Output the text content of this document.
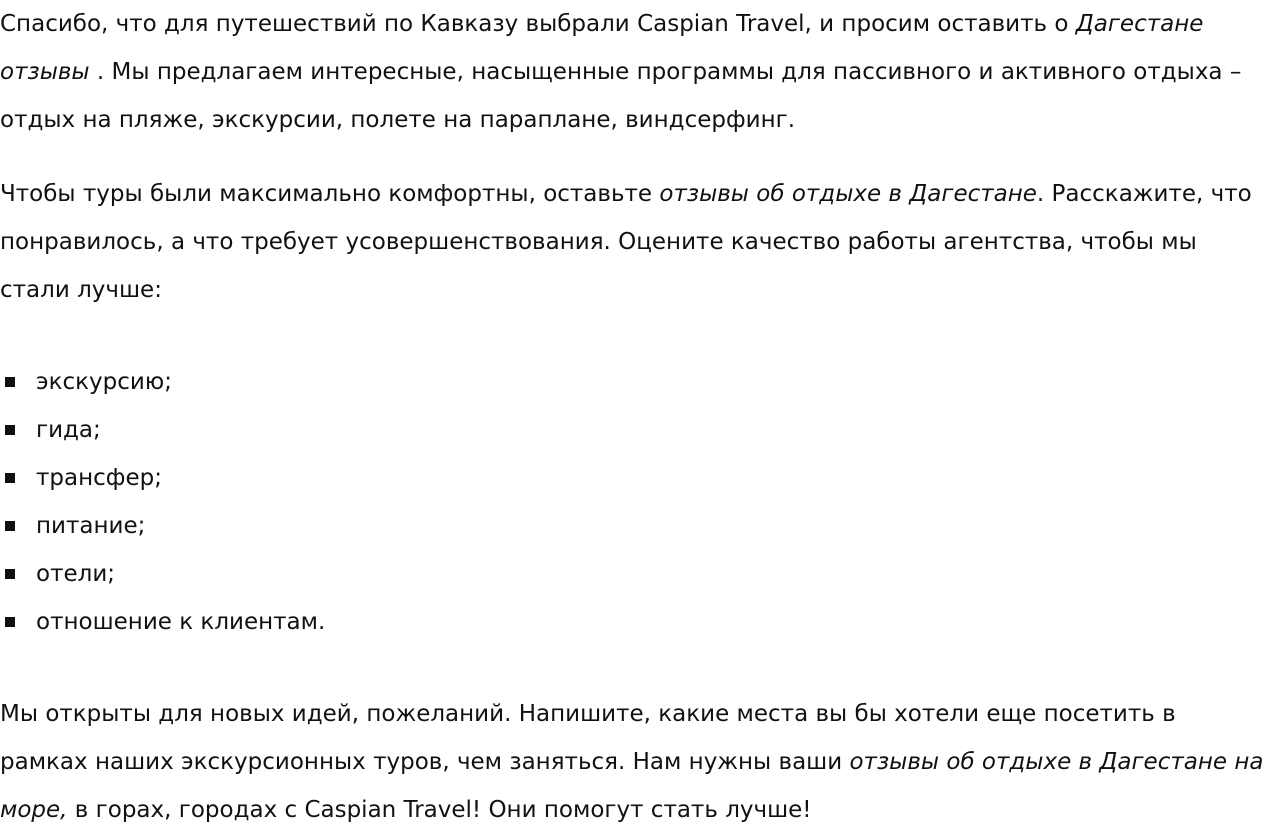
Спасибо, что для путешествий по Кавказу выбрали Caspian Travel, и просим оставить о Дагестане отзывы . Мы предлагаем интересные, насыщенные программы для пассивного и активного отдыха – отдых на пляже, экскурсии, полете на параплане, виндсерфинг.

Чтобы туры были максимально комфортны, оставьте отзывы об отдыхе в Дагестане. Расскажите, что понравилось, а что требует усовершенствования. Оцените качество работы агентства, чтобы мы стали лучше:

экскурсию;
гида;
трансфер;
питание;
отели;
отношение к клиентам.

Мы открыты для новых идей, пожеланий. Напишите, какие места вы бы хотели еще посетить в рамках наших экскурсионных туров, чем заняться. Нам нужны ваши отзывы об отдыхе в Дагестане на море, в горах, городах с Caspian Travel! Они помогут стать лучше!
